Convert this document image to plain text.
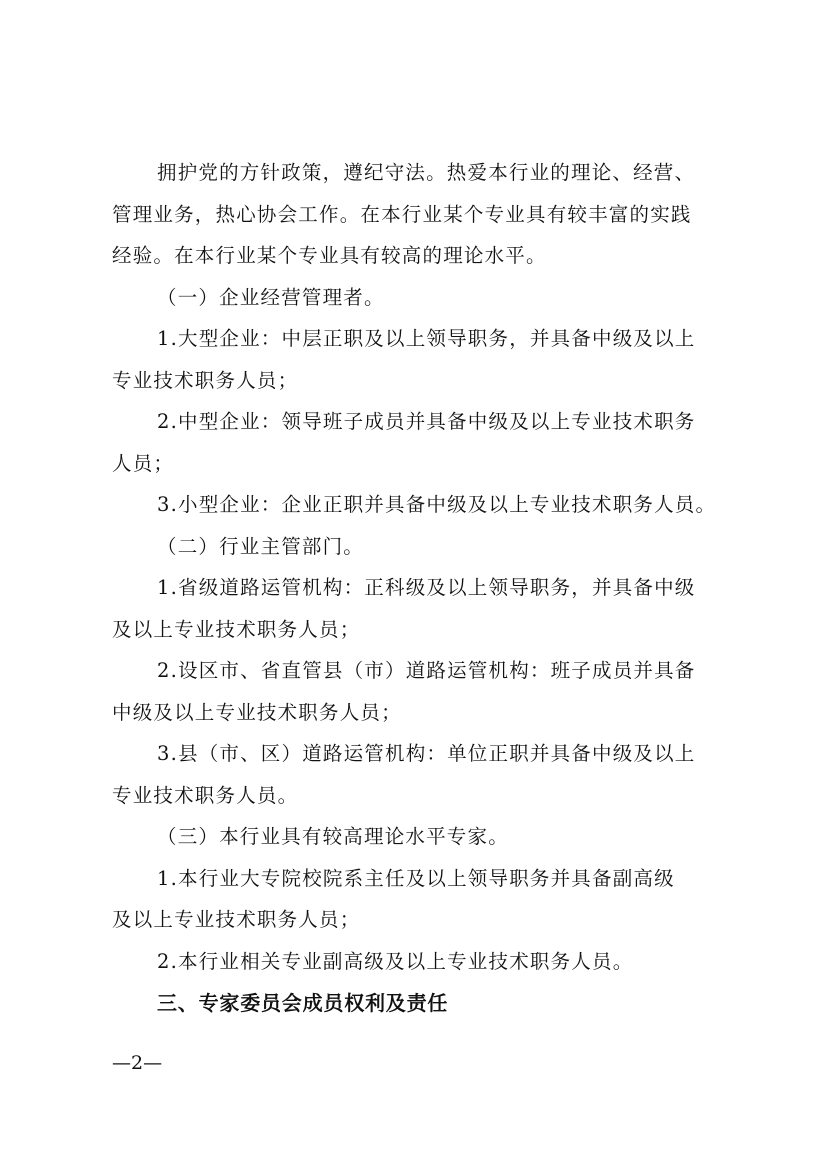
拥护党的方针政策，遵纪守法。热爱本行业的理论、经营、
管理业务，热心协会工作。在本行业某个专业具有较丰富的实践
经验。在本行业某个专业具有较高的理论水平。
（一）企业经营管理者。
1.大型企业：中层正职及以上领导职务，并具备中级及以上
专业技术职务人员；
2.中型企业：领导班子成员并具备中级及以上专业技术职务
人员；
3.小型企业：企业正职并具备中级及以上专业技术职务人员。
（二）行业主管部门。
1.省级道路运管机构：正科级及以上领导职务，并具备中级
及以上专业技术职务人员；
2.设区市、省直管县（市）道路运管机构：班子成员并具备
中级及以上专业技术职务人员；
3.县（市、区）道路运管机构：单位正职并具备中级及以上
专业技术职务人员。
（三）本行业具有较高理论水平专家。
1.本行业大专院校院系主任及以上领导职务并具备副高级
及以上专业技术职务人员；
2.本行业相关专业副高级及以上专业技术职务人员。
三、专家委员会成员权利及责任
—2—
